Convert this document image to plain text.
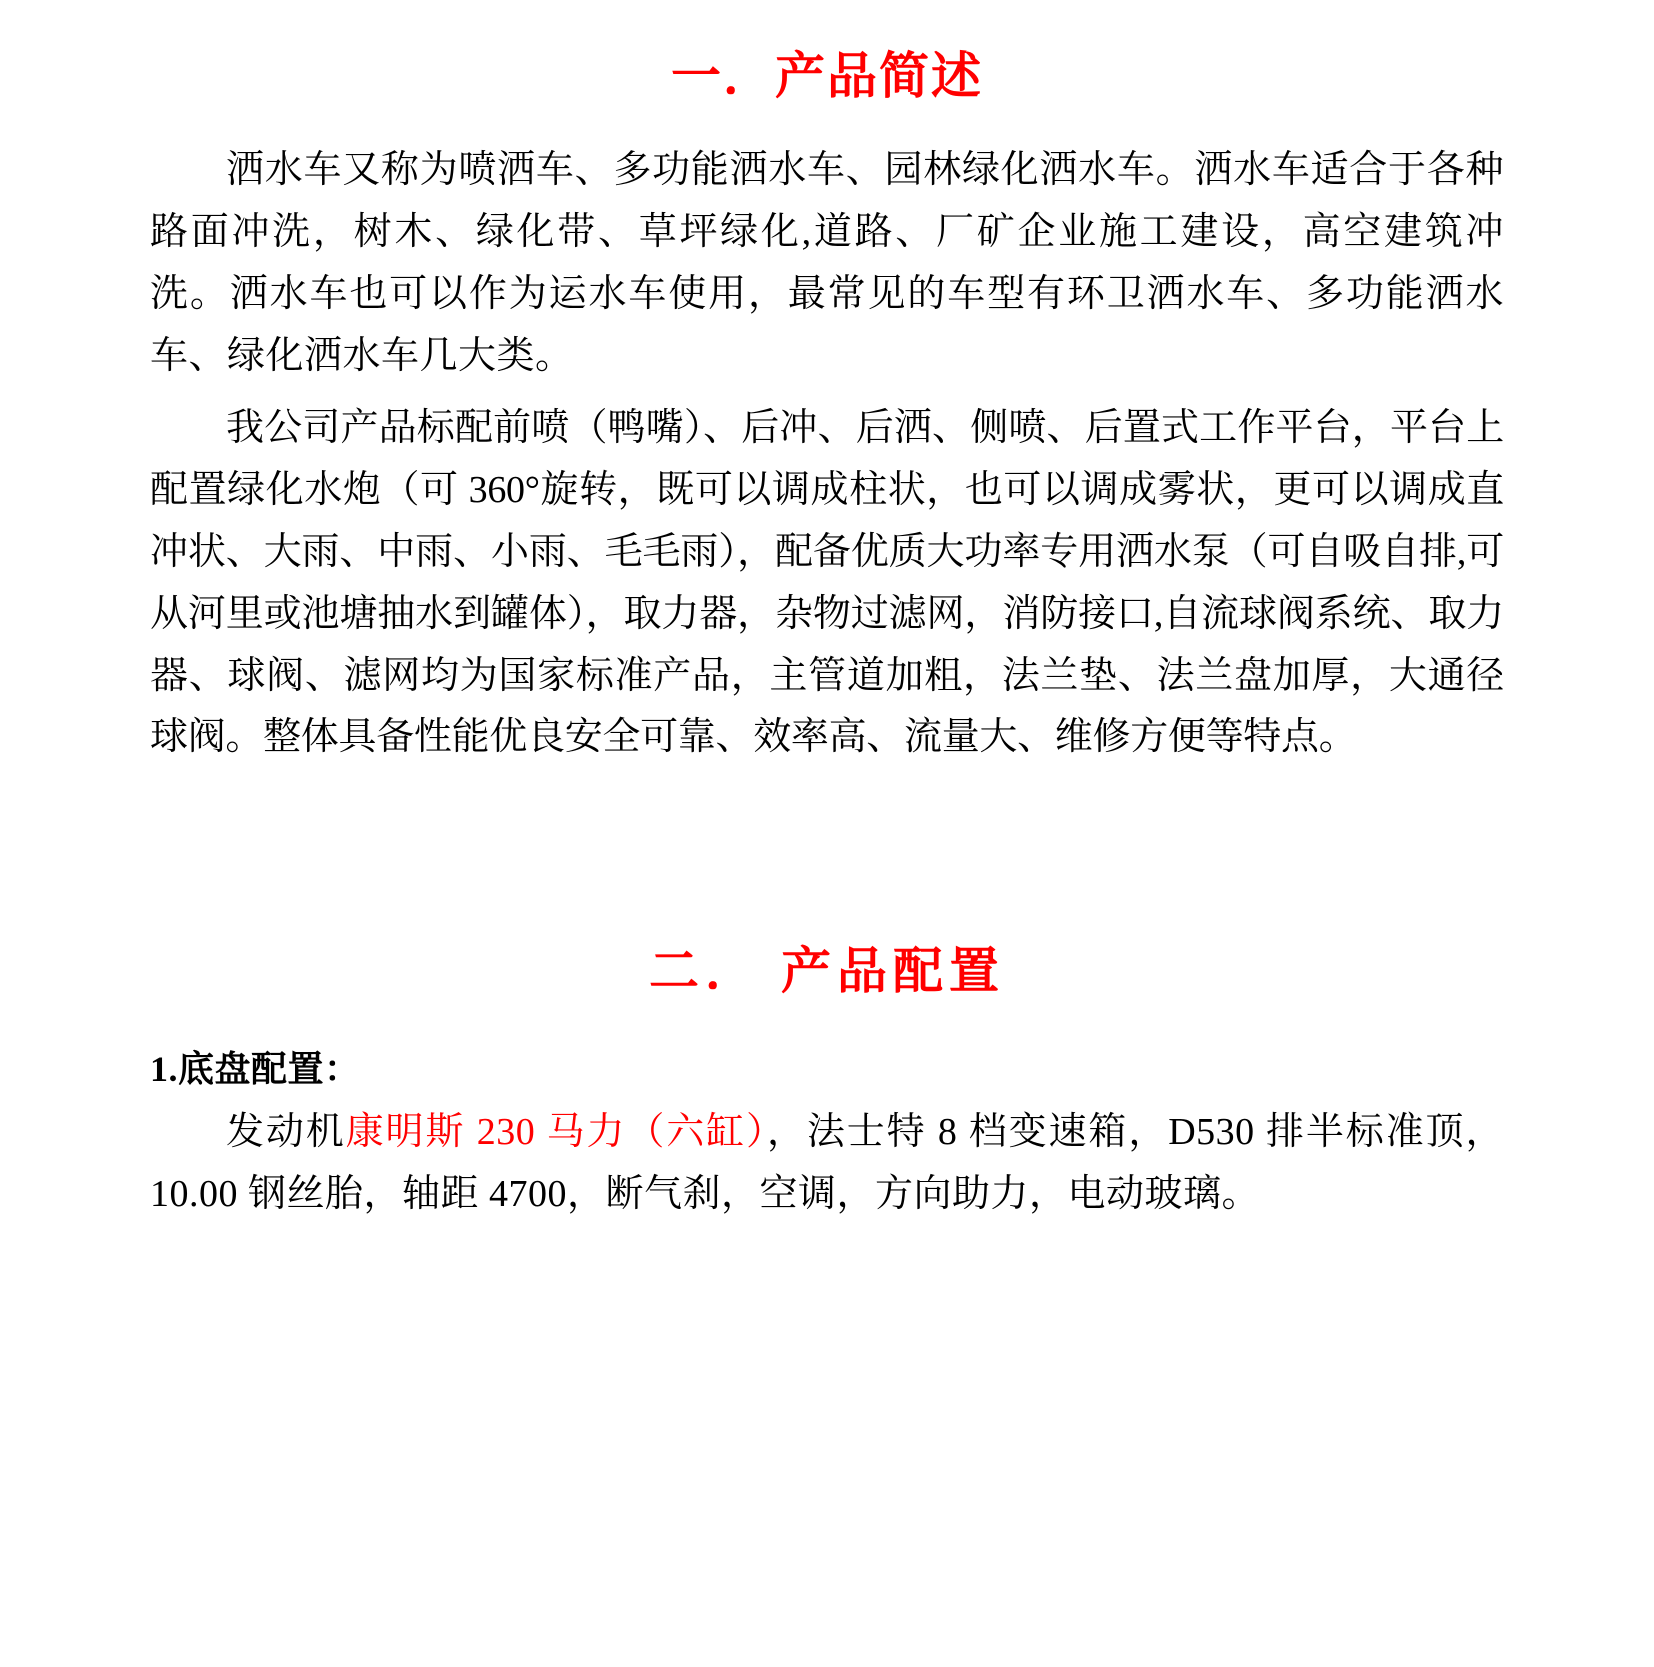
一．产品简述

洒水车又称为喷洒车、多功能洒水车、园林绿化洒水车。洒水车适合于各种路面冲洗，树木、绿化带、草坪绿化,道路、厂矿企业施工建设，高空建筑冲洗。洒水车也可以作为运水车使用，最常见的车型有环卫洒水车、多功能洒水车、绿化洒水车几大类。

我公司产品标配前喷（鸭嘴）、后冲、后洒、侧喷、后置式工作平台，平台上配置绿化水炮（可 360°旋转，既可以调成柱状，也可以调成雾状，更可以调成直冲状、大雨、中雨、小雨、毛毛雨），配备优质大功率专用洒水泵（可自吸自排,可从河里或池塘抽水到罐体），取力器，杂物过滤网，消防接口,自流球阀系统、取力器、球阀、滤网均为国家标准产品，主管道加粗，法兰垫、法兰盘加厚，大通径球阀。整体具备性能优良安全可靠、效率高、流量大、维修方便等特点。

二． 产品配置
1.底盘配置：

发动机康明斯 230 马力（六缸），法士特 8 档变速箱，D530 排半标准顶，10.00 钢丝胎，轴距 4700，断气刹，空调，方向助力，电动玻璃。
